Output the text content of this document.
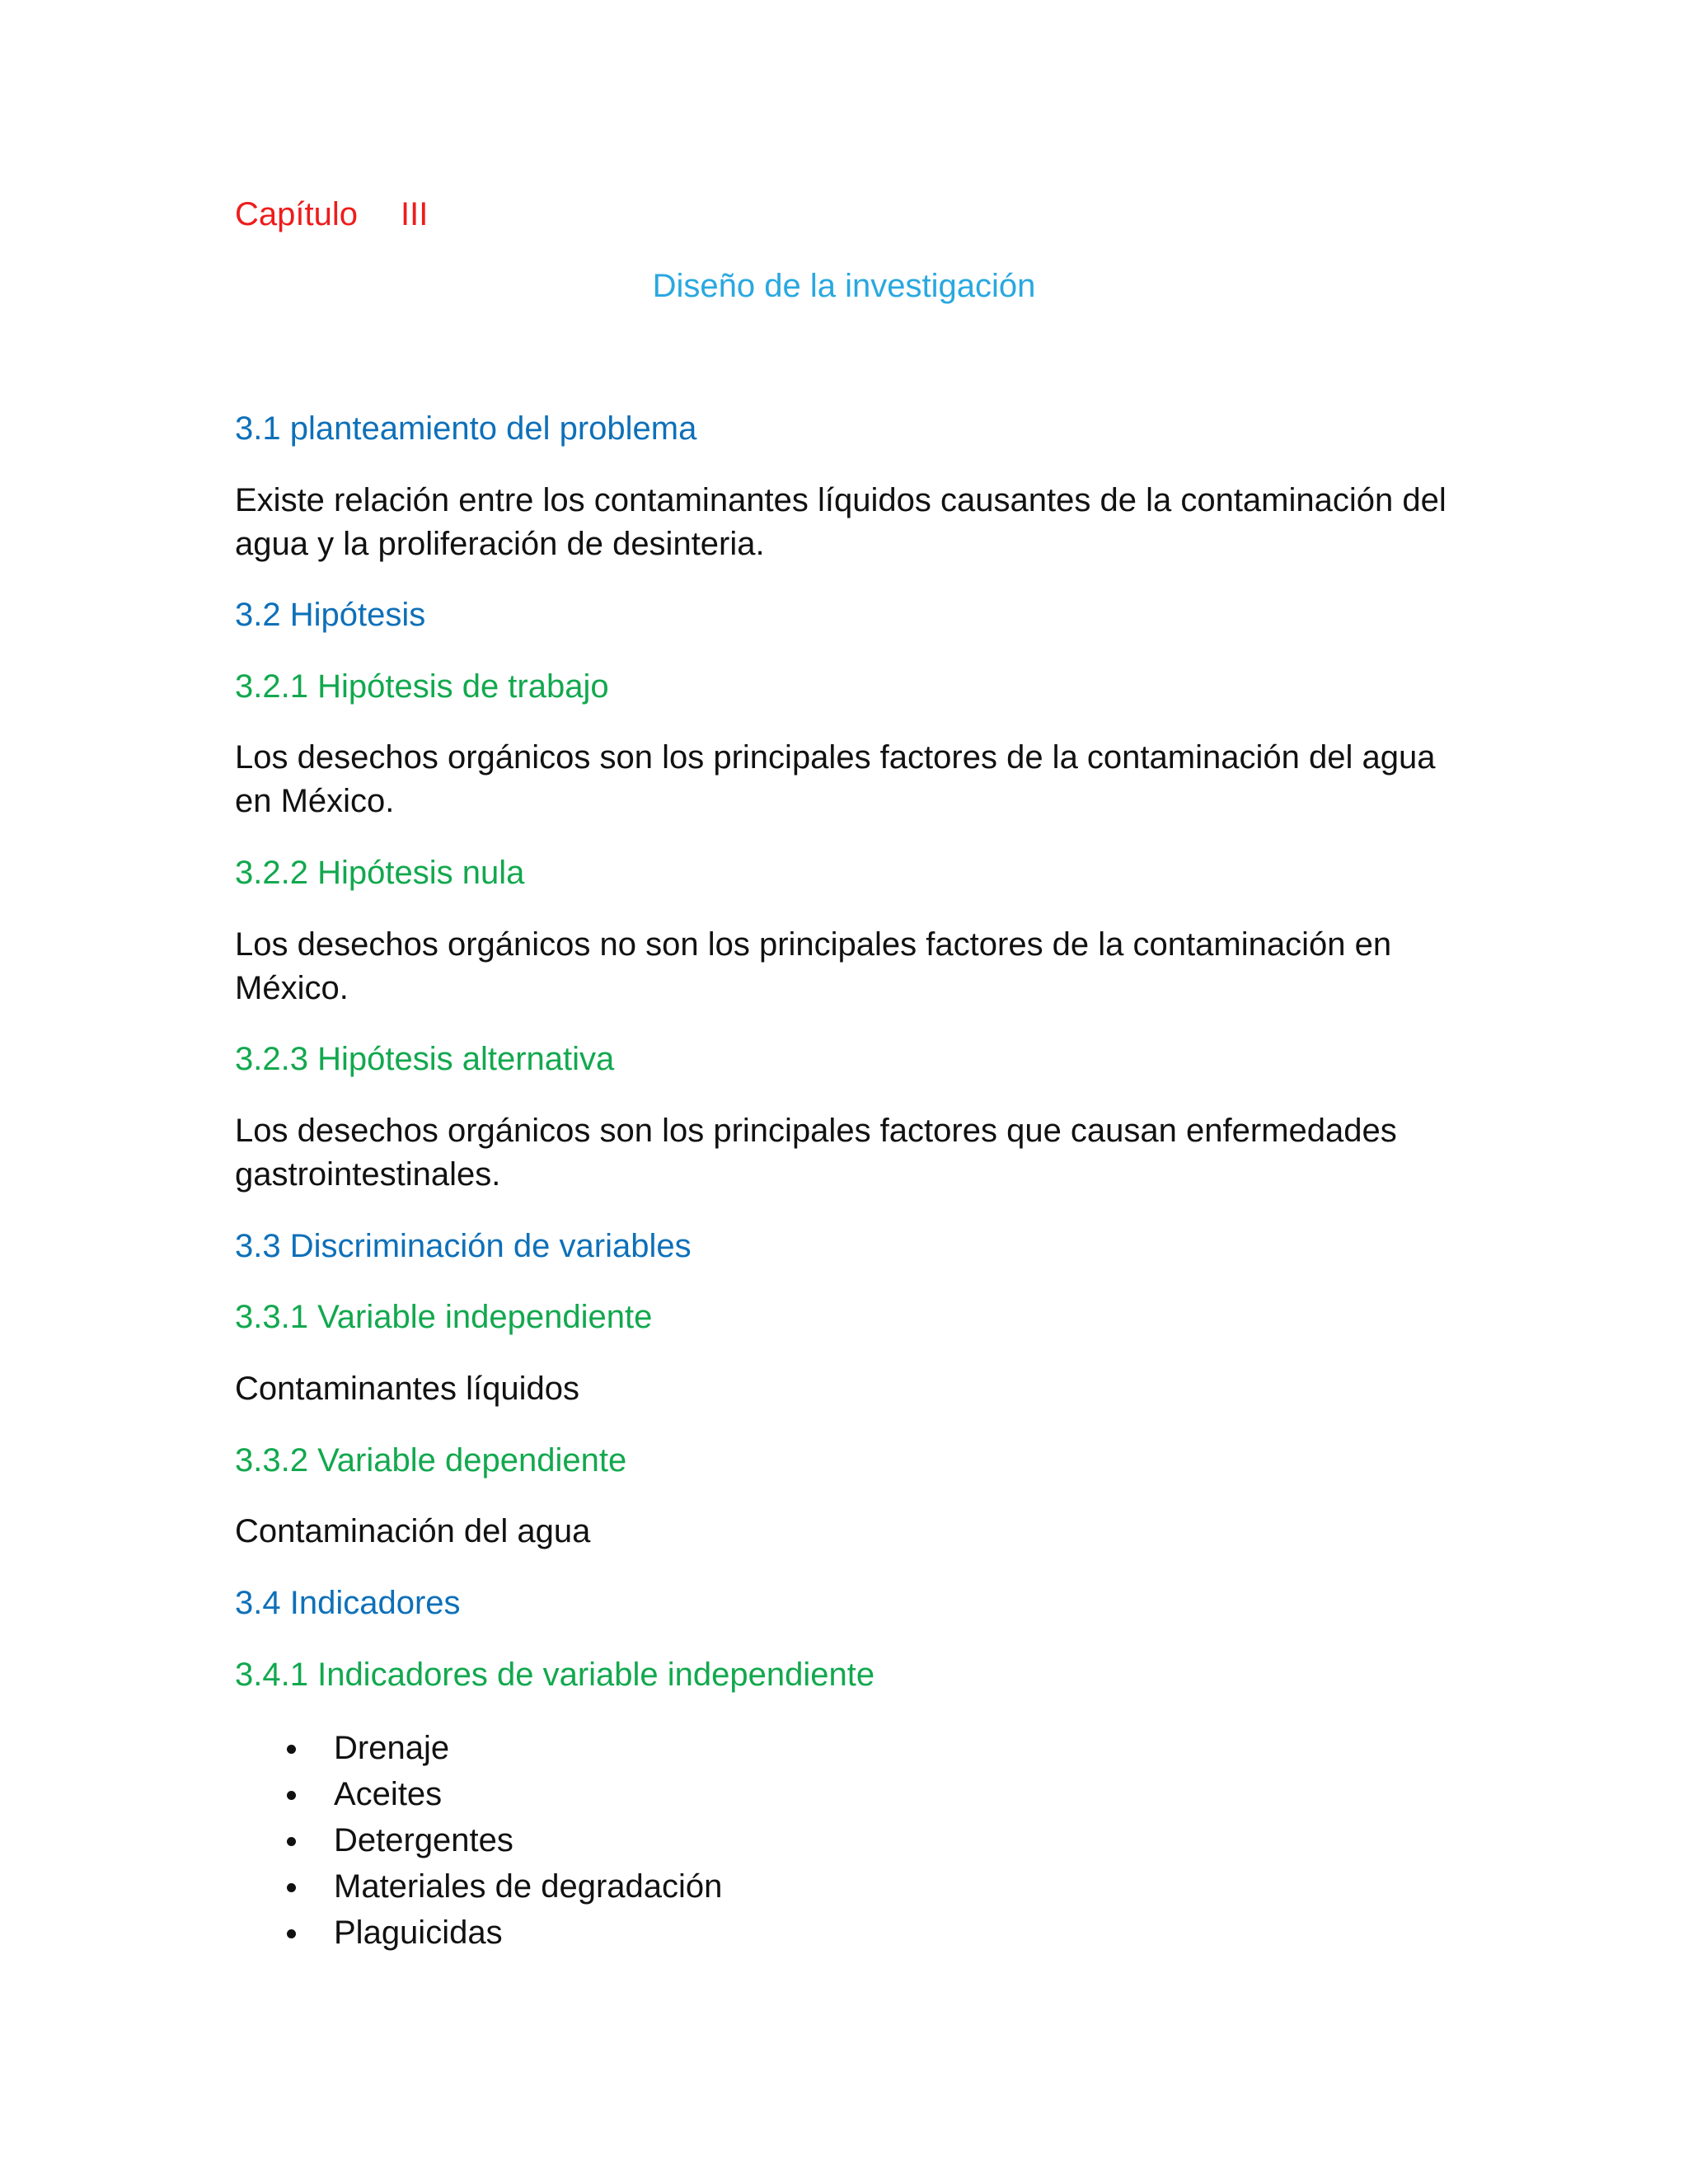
Capítulo III
Diseño de la investigación
3.1 planteamiento del problema

Existe relación entre los contaminantes líquidos causantes de la contaminación del agua y la proliferación de desinteria.

3.2 Hipótesis
3.2.1 Hipótesis de trabajo

Los desechos orgánicos son los principales factores de la contaminación del agua en México.

3.2.2 Hipótesis nula

Los desechos orgánicos no son los principales factores de la contaminación en México.

3.2.3 Hipótesis alternativa

Los desechos orgánicos son los principales factores que causan enfermedades gastrointestinales.

3.3 Discriminación de variables
3.3.1 Variable independiente

Contaminantes líquidos

3.3.2 Variable dependiente

Contaminación del agua

3.4 Indicadores
3.4.1 Indicadores de variable independiente
Drenaje
Aceites
Detergentes
Materiales de degradación
Plaguicidas
